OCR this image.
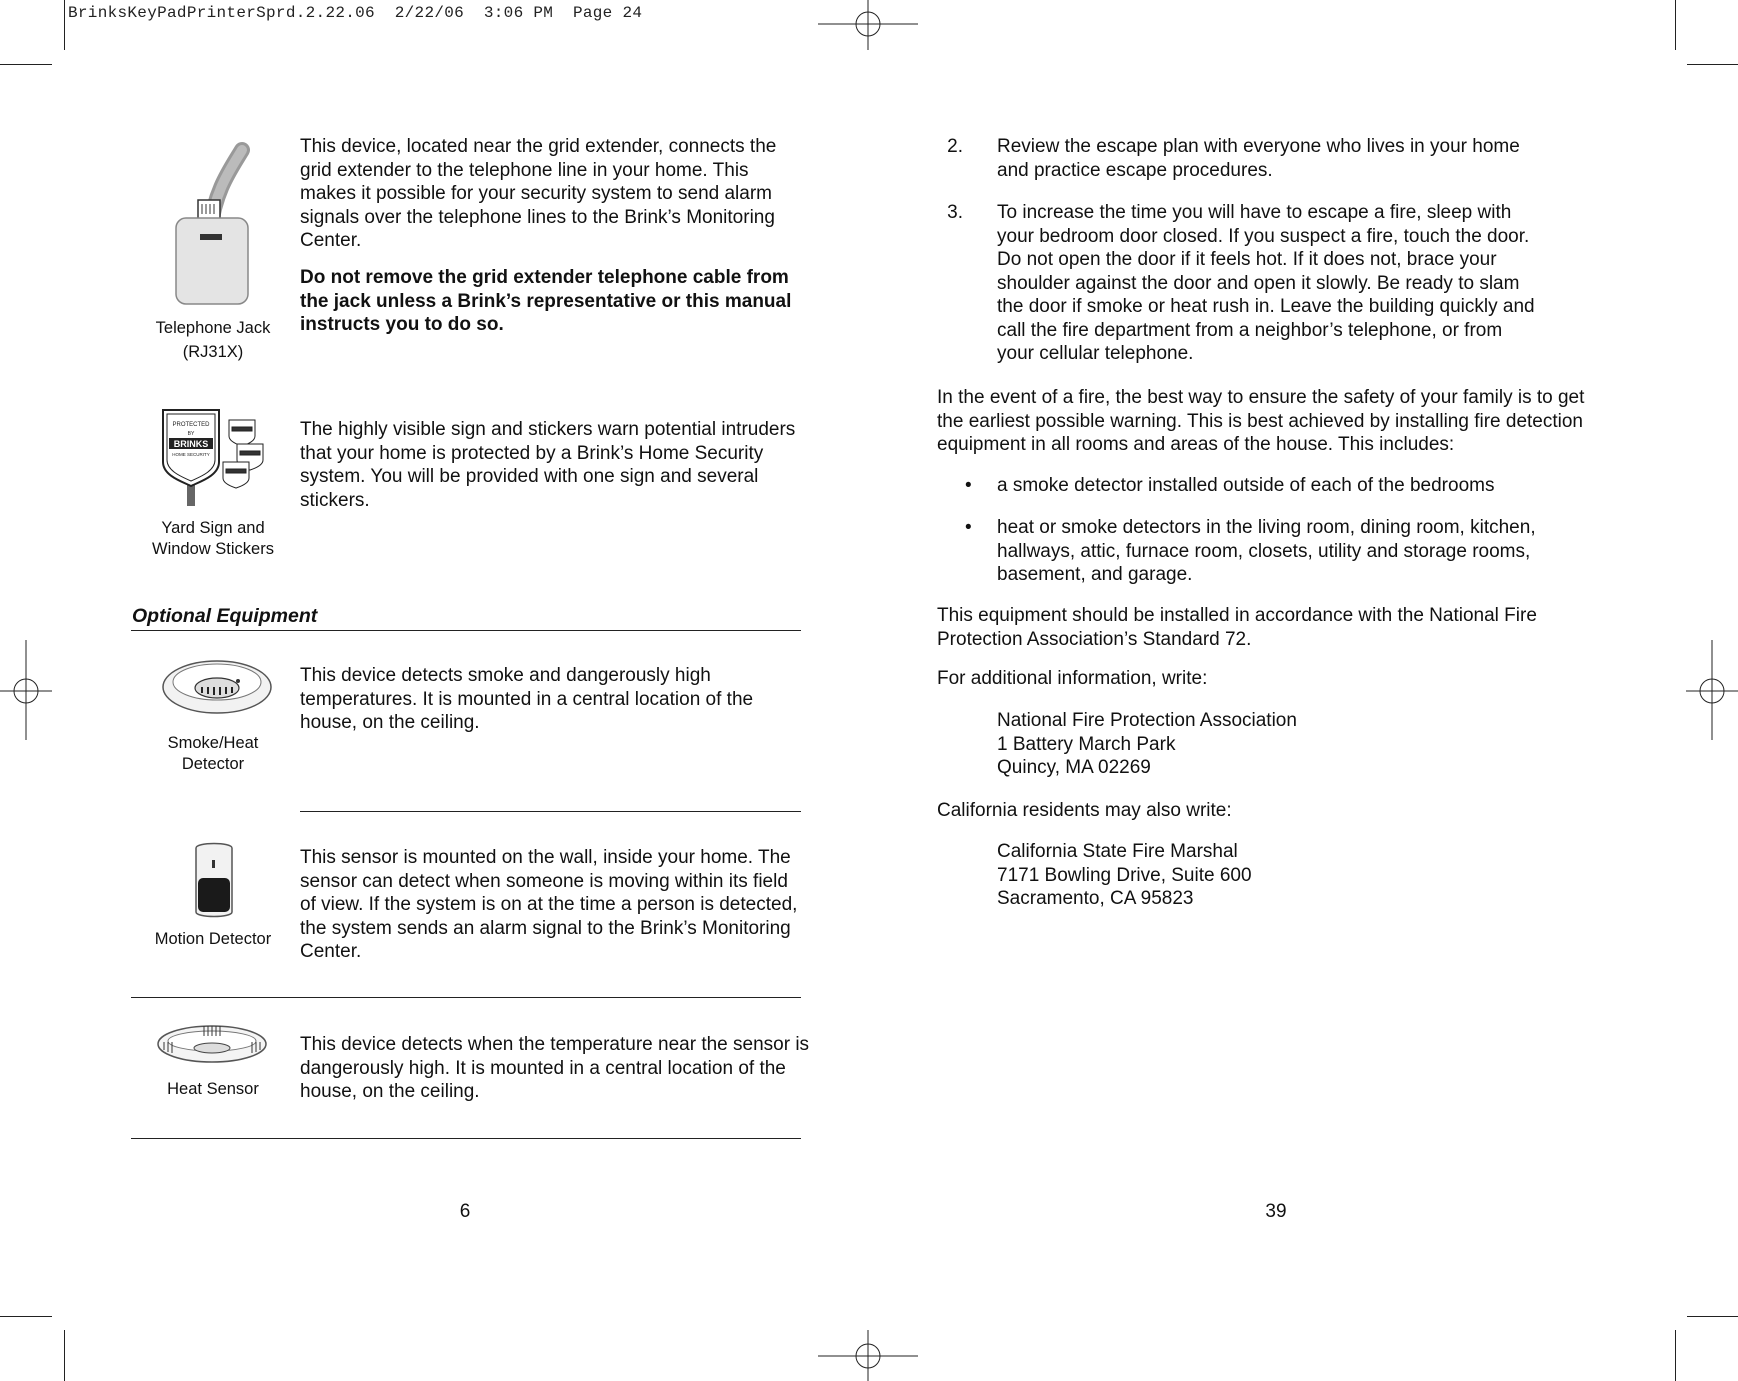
BrinksKeyPadPrinterSprd.2.22.06  2/22/06  3:06 PM  Page 24
Telephone Jack
(RJ31X)

This device, located near the grid extender, connects the grid extender to the telephone line in your home. This makes it possible for your security system to send alarm signals over the telephone lines to the Brink’s Monitoring Center.

Do not remove the grid extender telephone cable from the jack unless a Brink’s representative or this manual instructs you to do so.

PROTECTED
BY
BRINKS
HOME SECURITY
Yard Sign and
Window Stickers

The highly visible sign and stickers warn potential intruders that your home is protected by a Brink’s Home Security system. You will be provided with one sign and several stickers.

Optional Equipment
Smoke/Heat
Detector

This device detects smoke and dangerously high temperatures. It is mounted in a central location of the house, on the ceiling.

Motion Detector

This sensor is mounted on the wall, inside your home. The sensor can detect when someone is moving within its field of view. If the system is on at the time a person is detected, the system sends an alarm signal to the Brink’s Monitoring Center.

Heat Sensor

This device detects when the temperature near the sensor is dangerously high. It is mounted in a central location of the house, on the ceiling.

6
2. Review the escape plan with everyone who lives in your home and practice escape procedures.
3. To increase the time you will have to escape a fire, sleep with your bedroom door closed. If you suspect a fire, touch the door. Do not open the door if it feels hot. If it does not, brace your shoulder against the door and open it slowly. Be ready to slam the door if smoke or heat rush in. Leave the building quickly and call the fire department from a neighbor’s telephone, or from your cellular telephone.

In the event of a fire, the best way to ensure the safety of your family is to get the earliest possible warning. This is best achieved by installing fire detection equipment in all rooms and areas of the house. This includes:

• a smoke detector installed outside of each of the bedrooms
• heat or smoke detectors in the living room, dining room, kitchen, hallways, attic, furnace room, closets, utility and storage rooms, basement, and garage.

This equipment should be installed in accordance with the National Fire Protection Association’s Standard 72.

For additional information, write:

National Fire Protection Association
1 Battery March Park
Quincy, MA 02269

California residents may also write:

California State Fire Marshal
7171 Bowling Drive, Suite 600
Sacramento, CA 95823
39
